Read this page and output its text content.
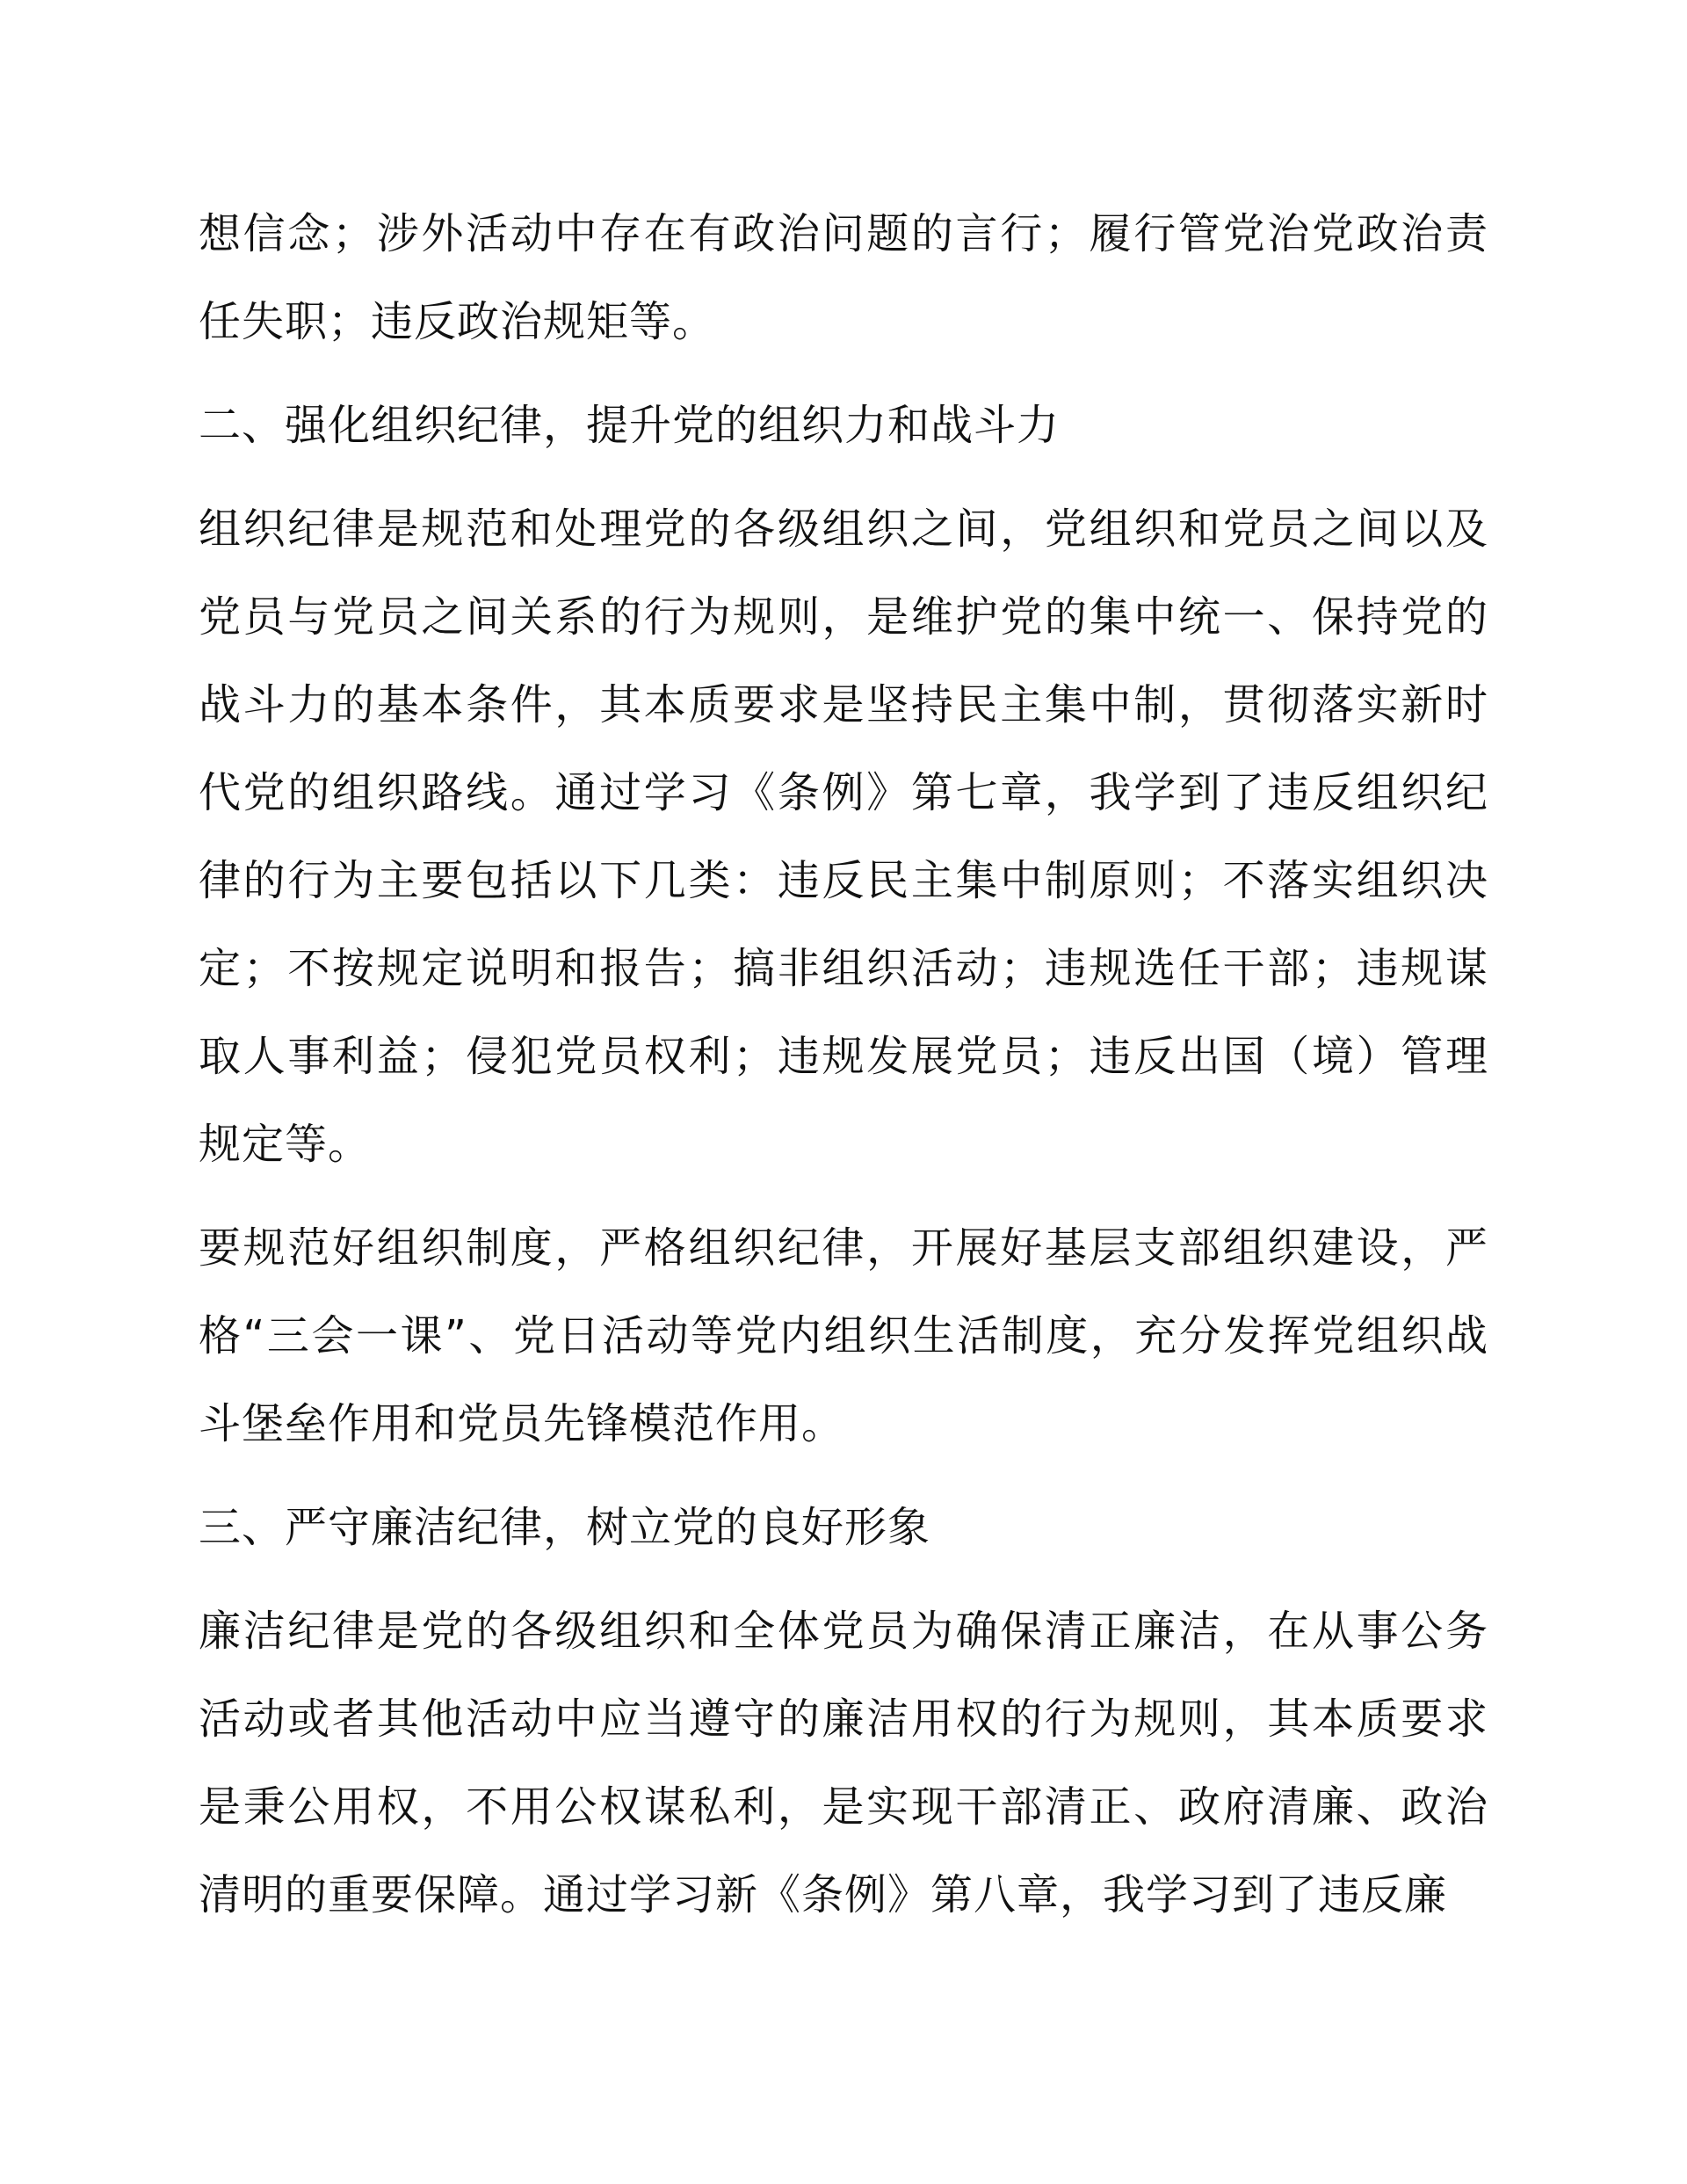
想信念；涉外活动中存在有政治问题的言行；履行管党治党政治责任失职；违反政治规矩等。

二、强化组织纪律，提升党的组织力和战斗力

组织纪律是规范和处理党的各级组织之间，党组织和党员之间以及党员与党员之间关系的行为规则，是维护党的集中统一、保持党的战斗力的基本条件，其本质要求是坚持民主集中制，贯彻落实新时代党的组织路线。通过学习《条例》第七章，我学到了违反组织纪律的行为主要包括以下几类：违反民主集中制原则；不落实组织决定；不按规定说明和报告；搞非组织活动；违规选任干部；违规谋取人事利益；侵犯党员权利；违规发展党员；违反出国（境）管理规定等。

要规范好组织制度，严格组织纪律，开展好基层支部组织建设，严格“三会一课”、党日活动等党内组织生活制度，充分发挥党组织战斗堡垒作用和党员先锋模范作用。

三、严守廉洁纪律，树立党的良好形象

廉洁纪律是党的各级组织和全体党员为确保清正廉洁，在从事公务活动或者其他活动中应当遵守的廉洁用权的行为规则，其本质要求是秉公用权，不用公权谋私利，是实现干部清正、政府清廉、政治清明的重要保障。通过学习新《条例》第八章，我学习到了违反廉
